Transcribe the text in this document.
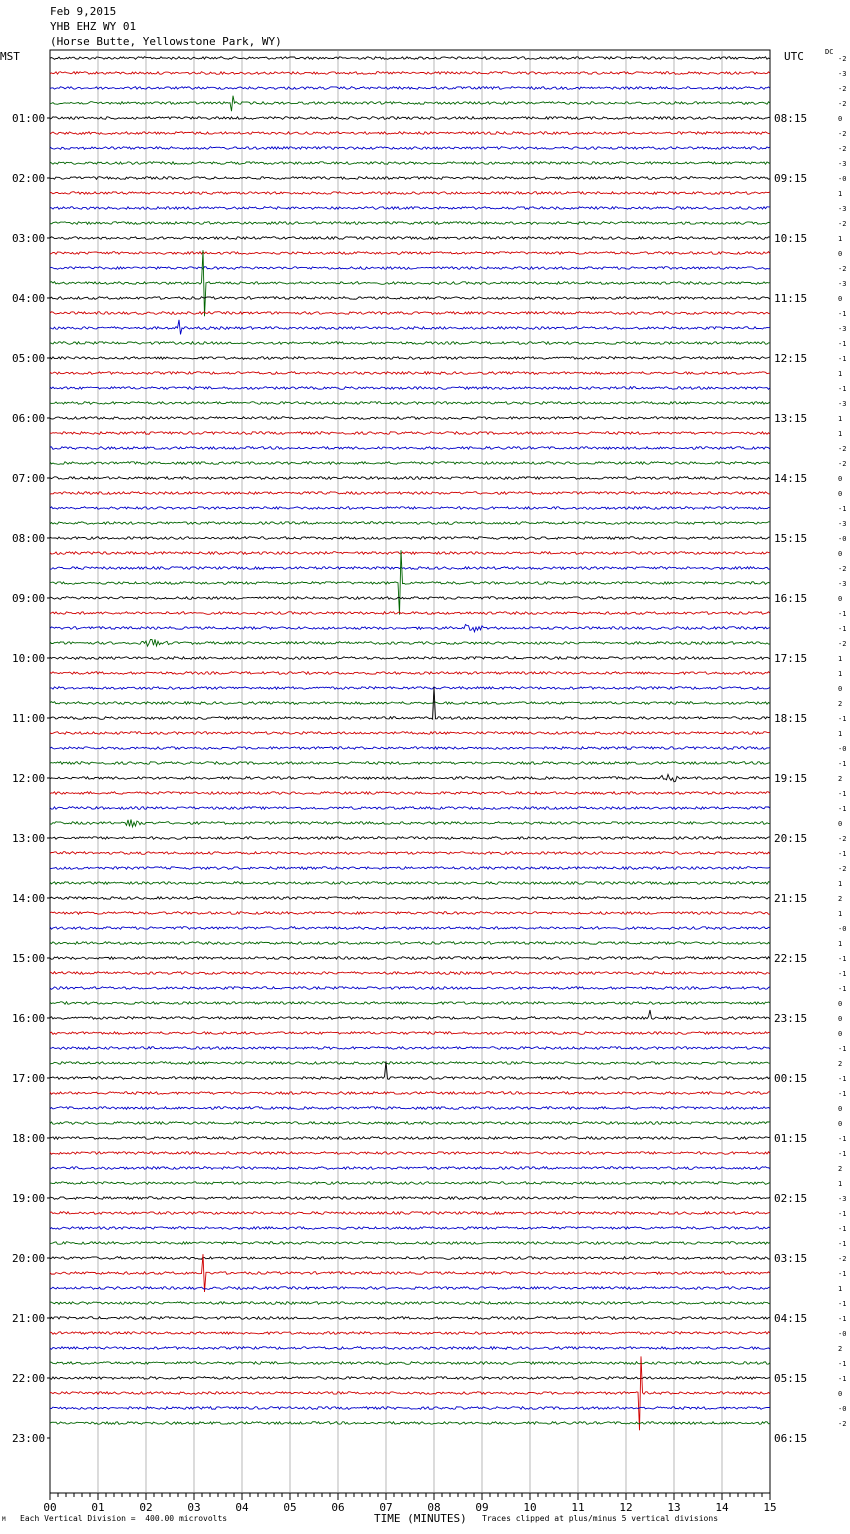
Feb 9,2015
YHB EHZ WY 01
(Horse Butte, Yellowstone Park, WY)
MST	UTC	DC
-2
-3
-2
-2
0
-2
-2
-3
-0
1
-3
-2
1
0
-2
-3
0
-1
-3
-1
-1
1
-1
-3
1
1
-2
-2
0
0
-1
-3
-0
0
-2
-3
0
-1
-1
-2
1
1
0
2
-1
1
-0
-1
2
-1
-1
0
-2
-1
-2
1
2
1
-0
1
-1
-1
-1
0
0
0
-1
2
-1
-1
0
0
-1
-1
2
1
-3
-1
-1
-1
-2
-1
1
-1
-1
-0
2
-1
-1
0
-0
-2
01:00	08:15
02:00	09:15
03:00	10:15
04:00	11:15
05:00	12:15
06:00	13:15
07:00	14:15
08:00	15:15
09:00	16:15
10:00	17:15
11:00	18:15
12:00	19:15
13:00	20:15
14:00	21:15
15:00	22:15
16:00	23:15
17:00	00:15
18:00	01:15
19:00	02:15
20:00	03:15
21:00	04:15
22:00	05:15
23:00	06:15
00	01	02	03	04	05	06	07	08	09	10	11	12	13	14	15
TIME (MINUTES)
M Each Vertical Division =  400.00 microvolts	Traces clipped at plus/minus 5 vertical divisions
